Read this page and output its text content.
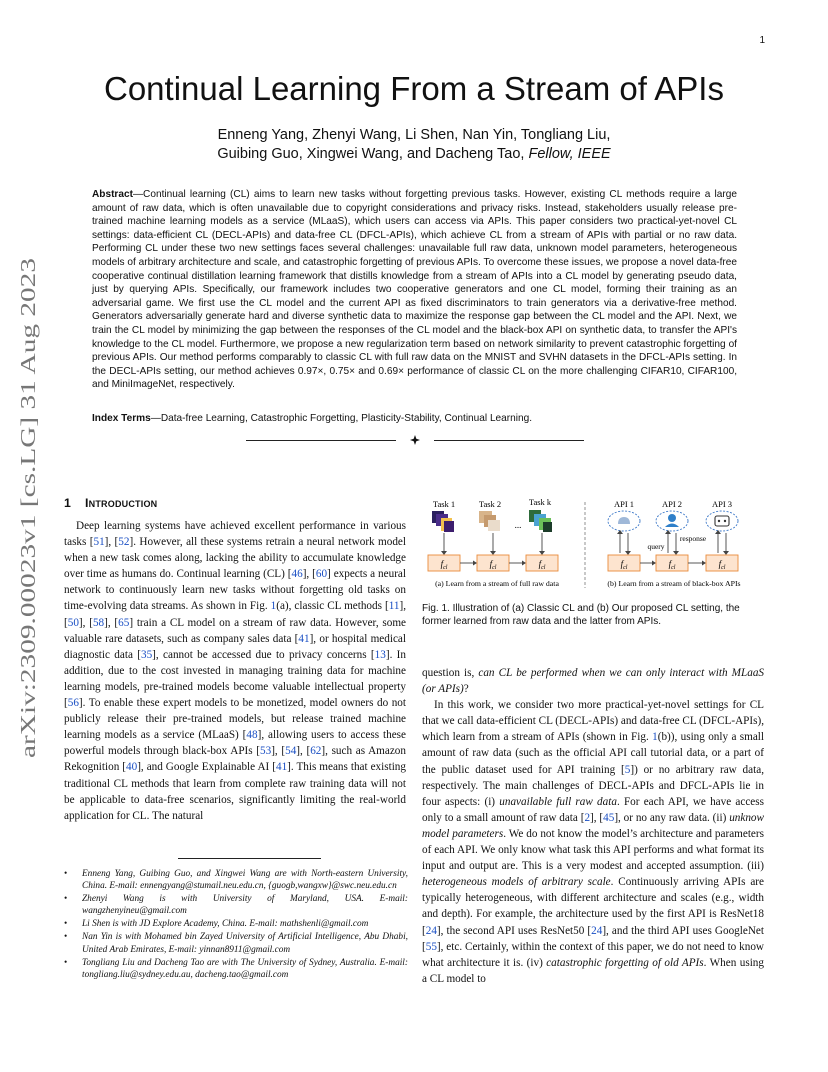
1
arXiv:2309.00023v1 [cs.LG] 31 Aug 2023
Continual Learning From a Stream of APIs
Enneng Yang, Zhenyi Wang, Li Shen, Nan Yin, Tongliang Liu,
Guibing Guo, Xingwei Wang, and Dacheng Tao, Fellow, IEEE
Abstract—Continual learning (CL) aims to learn new tasks without forgetting previous tasks. However, existing CL methods require a large amount of raw data, which is often unavailable due to copyright considerations and privacy risks. Instead, stakeholders usually release pre-trained machine learning models as a service (MLaaS), which users can access via APIs. This paper considers two practical-yet-novel CL settings: data-efficient CL (DECL-APIs) and data-free CL (DFCL-APIs), which achieve CL from a stream of APIs with partial or no raw data. Performing CL under these two new settings faces several challenges: unavailable full raw data, unknown model parameters, heterogeneous models of arbitrary architecture and scale, and catastrophic forgetting of previous APIs. To overcome these issues, we propose a novel data-free cooperative continual distillation learning framework that distills knowledge from a stream of APIs into a CL model by generating pseudo data, just by querying APIs. Specifically, our framework includes two cooperative generators and one CL model, forming their training as an adversarial game. We first use the CL model and the current API as fixed discriminators to train generators via a derivative-free method. Generators adversarially generate hard and diverse synthetic data to maximize the response gap between the CL model and the API. Next, we train the CL model by minimizing the gap between the responses of the CL model and the black-box API on synthetic data, to transfer the API's knowledge to the CL model. Furthermore, we propose a new regularization term based on network similarity to prevent catastrophic forgetting of previous APIs. Our method performs comparably to classic CL with full raw data on the MNIST and SVHN datasets in the DFCL-APIs setting. In the DECL-APIs setting, our method achieves 0.97×, 0.75× and 0.69× performance of classic CL on the more challenging CIFAR10, CIFAR100, and MiniImageNet, respectively.
Index Terms—Data-free Learning, Catastrophic Forgetting, Plasticity-Stability, Continual Learning.
1 Introduction

Deep learning systems have achieved excellent performance in various tasks [51], [52]. However, all these systems retrain a neural network model when a new task comes along, lacking the ability to accumulate knowledge over time as humans do. Continual learning (CL) [46], [60] expects a neural network to continuously learn new tasks without forgetting old tasks on time-evolving data streams. As shown in Fig. 1(a), classic CL methods [11], [50], [58], [65] train a CL model on a stream of raw data. However, some valuable rare datasets, such as company sales data [41], or hospital medical diagnostic data [35], cannot be accessed due to privacy concerns [13]. In addition, due to the cost invested in managing training data for machine learning models, pre-trained models become valuable intellectual property [56]. To enable these expert models to be monetized, model owners do not publicly release their pre-trained models, but release trained machine learning models as a service (MLaaS) [48], allowing users to access these powerful models through black-box APIs [53], [54], [62], such as Amazon Rekognition [40], and Google Explainable AI [41]. This means that existing traditional CL methods that learn from complete raw training data will not be applicable to data-free scenarios, significantly limiting the real-world application for CL. The natural

• Enneng Yang, Guibing Guo, and Xingwei Wang are with North-eastern University, China. E-mail: ennengyang@stumail.neu.edu.cn, {guogb,wangxw}@swc.neu.edu.cn
• Zhenyi Wang is with University of Maryland, USA. E-mail: wangzhenyineu@gmail.com
• Li Shen is with JD Explore Academy, China. E-mail: mathshenli@gmail.com
• Nan Yin is with Mohamed bin Zayed University of Artificial Intelligence, Abu Dhabi, United Arab Emirates, E-mail: yinnan8911@gmail.com
• Tongliang Liu and Dacheng Tao are with The University of Sydney, Australia. E-mail: tongliang.liu@sydney.edu.au, dacheng.tao@gmail.com
Task 1	Task 2	Task k
...
$f_{cl}$	$f_{cl}$	$f_{cl}$
(a) Learn from a stream of full raw data
API 1	API 2	API 3
query
response
$f_{cl}$	$f_{cl}$	$f_{cl}$
(b) Learn from a stream of black-box APIs
Fig. 1. Illustration of (a) Classic CL and (b) Our proposed CL setting, the former learned from raw data and the latter from APIs.

question is, can CL be performed when we can only interact with MLaaS (or APIs)?

In this work, we consider two more practical-yet-novel settings for CL that we call data-efficient CL (DECL-APIs) and data-free CL (DFCL-APIs), which learn from a stream of APIs (shown in Fig. 1(b)), using only a small amount of raw data (such as the official API call tutorial data, or a part of the public dataset used for API training [5]) or no arbitrary raw data, respectively. The main challenges of DECL-APIs and DFCL-APIs lie in four aspects: (i) unavailable full raw data. For each API, we have access only to a small amount of raw data [2], [45], or no any raw data. (ii) unknow model parameters. We do not know the model’s architecture and parameters of each API. We only know what task this API performs and what format its input and output are. This is a very modest and accepted assumption. (iii) heterogeneous models of arbitrary scale. Continuously arriving APIs are typically heterogeneous, with different architecture and scales (e.g., width and depth). For example, the architecture used by the first API is ResNet18 [24], the second API uses ResNet50 [24], and the third API uses GoogleNet [55], etc. Certainly, within the context of this paper, we do not need to know what architecture it is. (iv) catastrophic forgetting of old APIs. When using a CL model to
